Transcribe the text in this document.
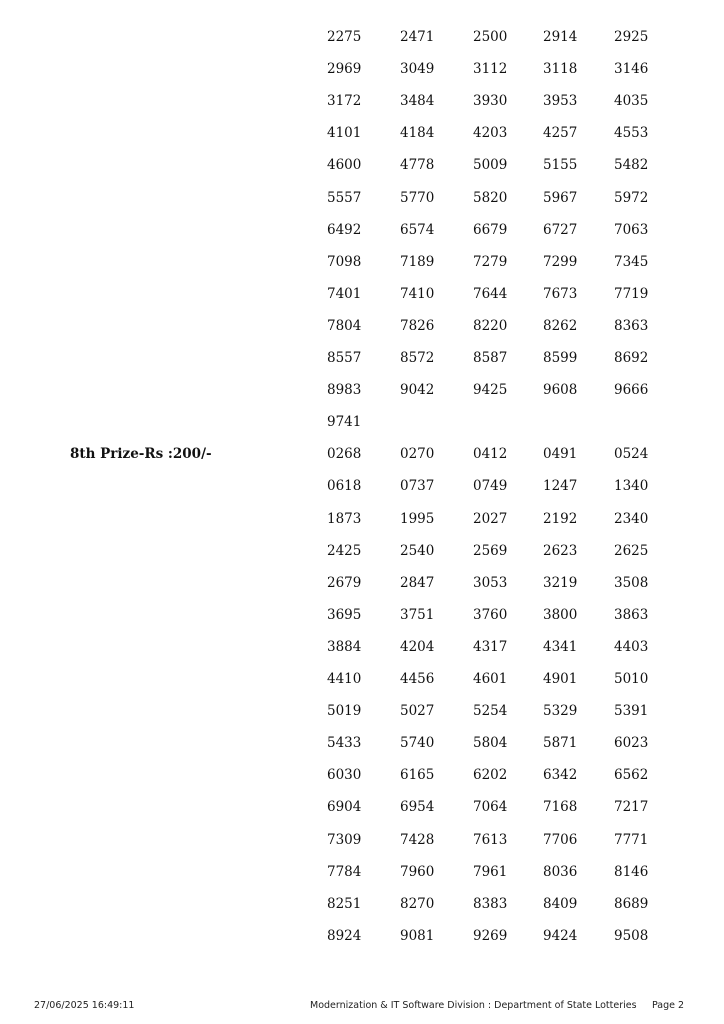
2275	2471	2500	2914	2925
2969	3049	3112	3118	3146
3172	3484	3930	3953	4035
4101	4184	4203	4257	4553
4600	4778	5009	5155	5482
5557	5770	5820	5967	5972
6492	6574	6679	6727	7063
7098	7189	7279	7299	7345
7401	7410	7644	7673	7719
7804	7826	8220	8262	8363
8557	8572	8587	8599	8692
8983	9042	9425	9608	9666
9741
8th Prize-Rs :200/-	0268	0270	0412	0491	0524
0618	0737	0749	1247	1340
1873	1995	2027	2192	2340
2425	2540	2569	2623	2625
2679	2847	3053	3219	3508
3695	3751	3760	3800	3863
3884	4204	4317	4341	4403
4410	4456	4601	4901	5010
5019	5027	5254	5329	5391
5433	5740	5804	5871	6023
6030	6165	6202	6342	6562
6904	6954	7064	7168	7217
7309	7428	7613	7706	7771
7784	7960	7961	8036	8146
8251	8270	8383	8409	8689
8924	9081	9269	9424	9508
27/06/2025 16:49:11	Modernization & IT Software Division : Department of State Lotteries Page 2
